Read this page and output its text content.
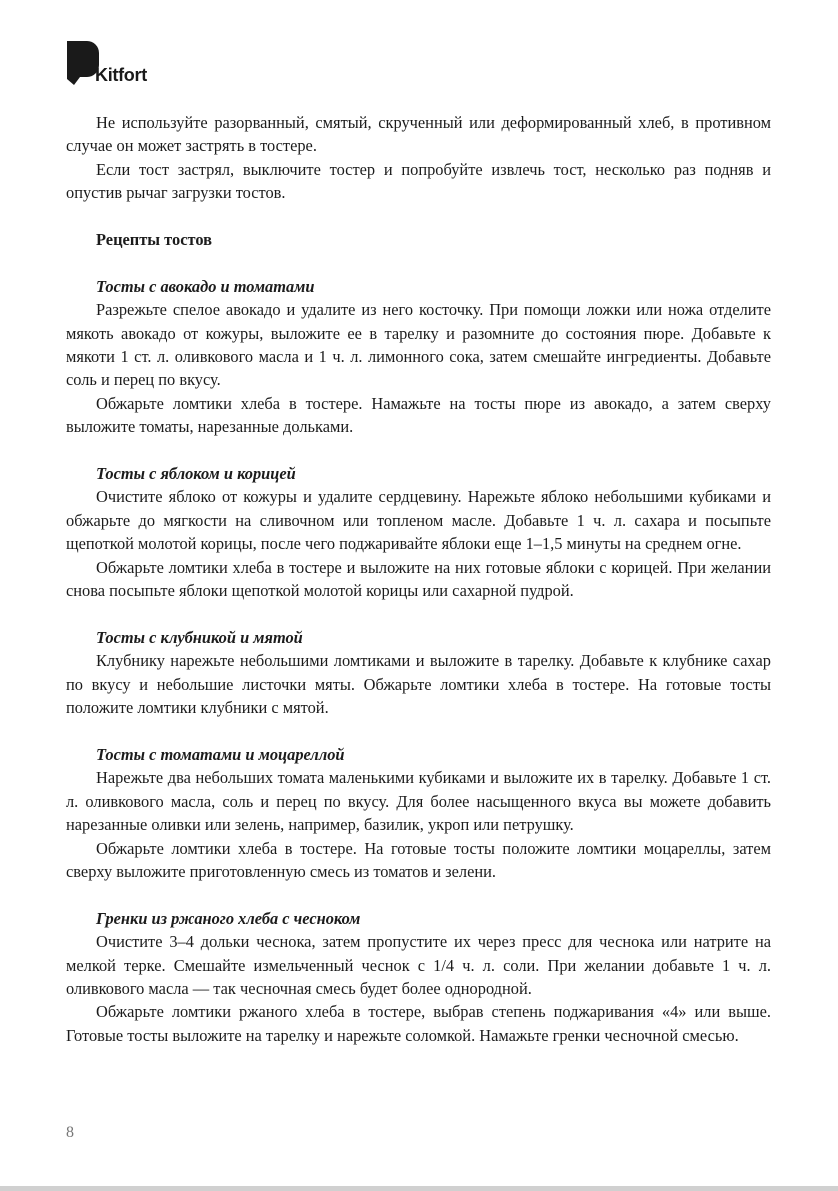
Kitfort

Не используйте разорванный, смятый, скрученный или деформированный хлеб, в противном случае он может застрять в тостере.

Если тост застрял, выключите тостер и попробуйте извлечь тост, несколько раз подняв и опустив рычаг загрузки тостов.

Рецепты тостов
Тосты с авокадо и томатами

Разрежьте спелое авокадо и удалите из него косточку. При помощи ложки или ножа отделите мякоть авокадо от кожуры, выложите ее в тарелку и разомните до состояния пюре. Добавьте к мякоти 1 ст. л. оливкового масла и 1 ч. л. лимонного сока, затем смешайте ингредиенты. Добавьте соль и перец по вкусу.

Обжарьте ломтики хлеба в тостере. Намажьте на тосты пюре из авокадо, а затем сверху выложите томаты, нарезанные дольками.

Тосты с яблоком и корицей

Очистите яблоко от кожуры и удалите сердцевину. Нарежьте яблоко небольшими кубиками и обжарьте до мягкости на сливочном или топленом масле. Добавьте 1 ч. л. сахара и посыпьте щепоткой молотой корицы, после чего поджаривайте яблоки еще 1–1,5 минуты на среднем огне.

Обжарьте ломтики хлеба в тостере и выложите на них готовые яблоки с корицей. При желании снова посыпьте яблоки щепоткой молотой корицы или сахарной пудрой.

Тосты с клубникой и мятой

Клубнику нарежьте небольшими ломтиками и выложите в тарелку. Добавьте к клубнике сахар по вкусу и небольшие листочки мяты. Обжарьте ломтики хлеба в тостере. На готовые тосты положите ломтики клубники с мятой.

Тосты с томатами и моцареллой

Нарежьте два небольших томата маленькими кубиками и выложите их в тарелку. Добавьте 1 ст. л. оливкового масла, соль и перец по вкусу. Для более насыщенного вкуса вы можете добавить нарезанные оливки или зелень, например, базилик, укроп или петрушку.

Обжарьте ломтики хлеба в тостере. На готовые тосты положите ломтики моцареллы, затем сверху выложите приготовленную смесь из томатов и зелени.

Гренки из ржаного хлеба с чесноком

Очистите 3–4 дольки чеснока, затем пропустите их через пресс для чеснока или натрите на мелкой терке. Смешайте измельченный чеснок с 1/4 ч. л. соли. При желании добавьте 1 ч. л. оливкового масла — так чесночная смесь будет более однородной.

Обжарьте ломтики ржаного хлеба в тостере, выбрав степень поджаривания «4» или выше. Готовые тосты выложите на тарелку и нарежьте соломкой. Намажьте гренки чесночной смесью.

8
